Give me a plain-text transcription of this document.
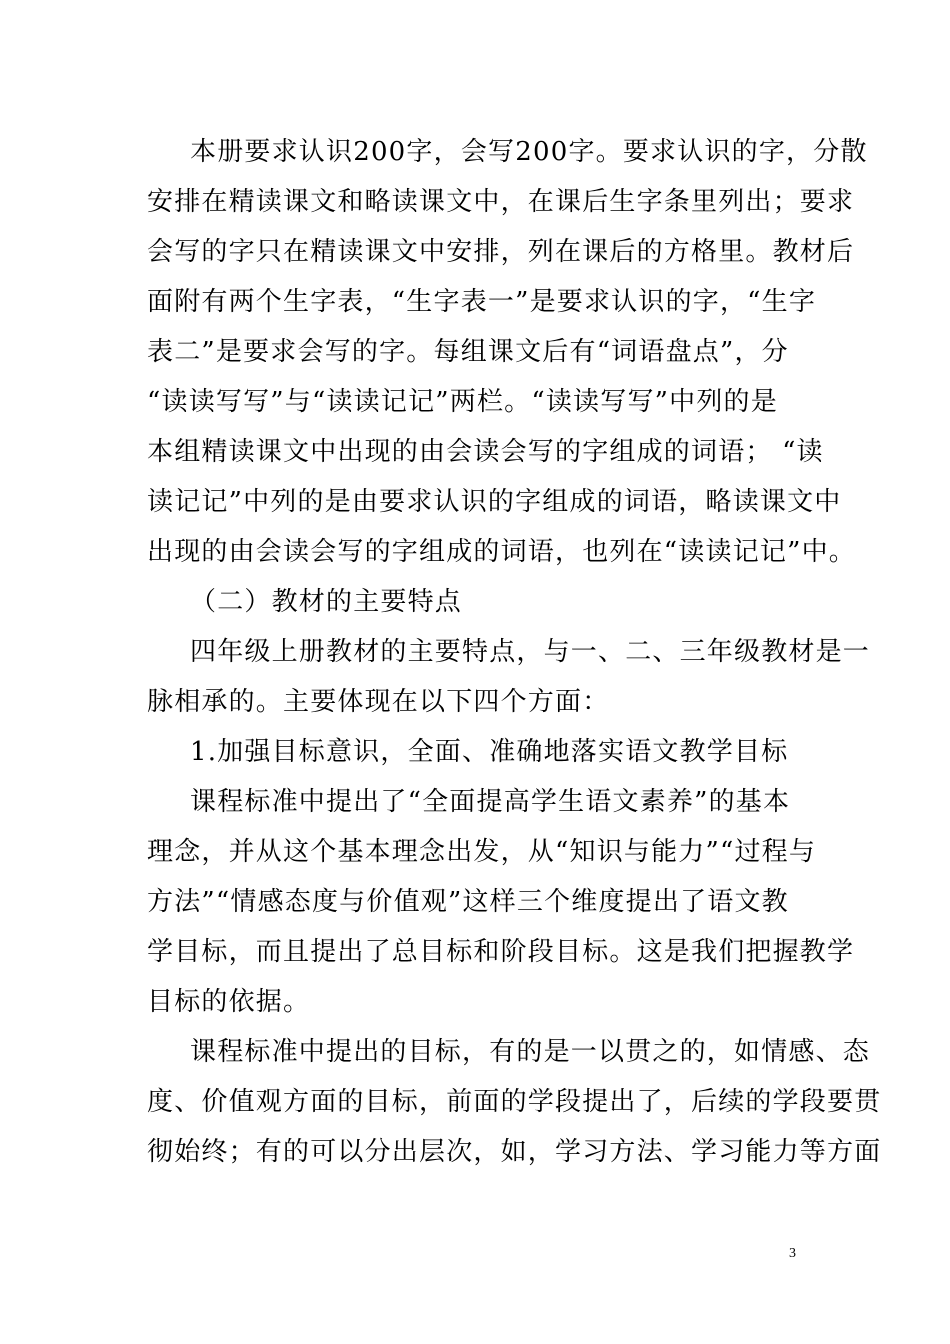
本册要求认识200字，会写200字。要求认识的字，分散
安排在精读课文和略读课文中，在课后生字条里列出；要求
会写的字只在精读课文中安排，列在课后的方格里。教材后
面附有两个生字表，“生字表一”是要求认识的字，“生字
表二”是要求会写的字。每组课文后有“词语盘点”，分
“读读写写”与“读读记记”两栏。“读读写写”中列的是
本组精读课文中出现的由会读会写的字组成的词语； “读
读记记”中列的是由要求认识的字组成的词语，略读课文中
出现的由会读会写的字组成的词语，也列在“读读记记”中。
（二）教材的主要特点
四年级上册教材的主要特点，与一、二、三年级教材是一
脉相承的。主要体现在以下四个方面：
1.加强目标意识，全面、准确地落实语文教学目标
课程标准中提出了“全面提高学生语文素养”的基本
理念，并从这个基本理念出发，从“知识与能力”“过程与
方法”“情感态度与价值观”这样三个维度提出了语文教
学目标，而且提出了总目标和阶段目标。这是我们把握教学
目标的依据。
课程标准中提出的目标，有的是一以贯之的，如情感、态
度、价值观方面的目标，前面的学段提出了，后续的学段要贯
彻始终；有的可以分出层次，如，学习方法、学习能力等方面
3
